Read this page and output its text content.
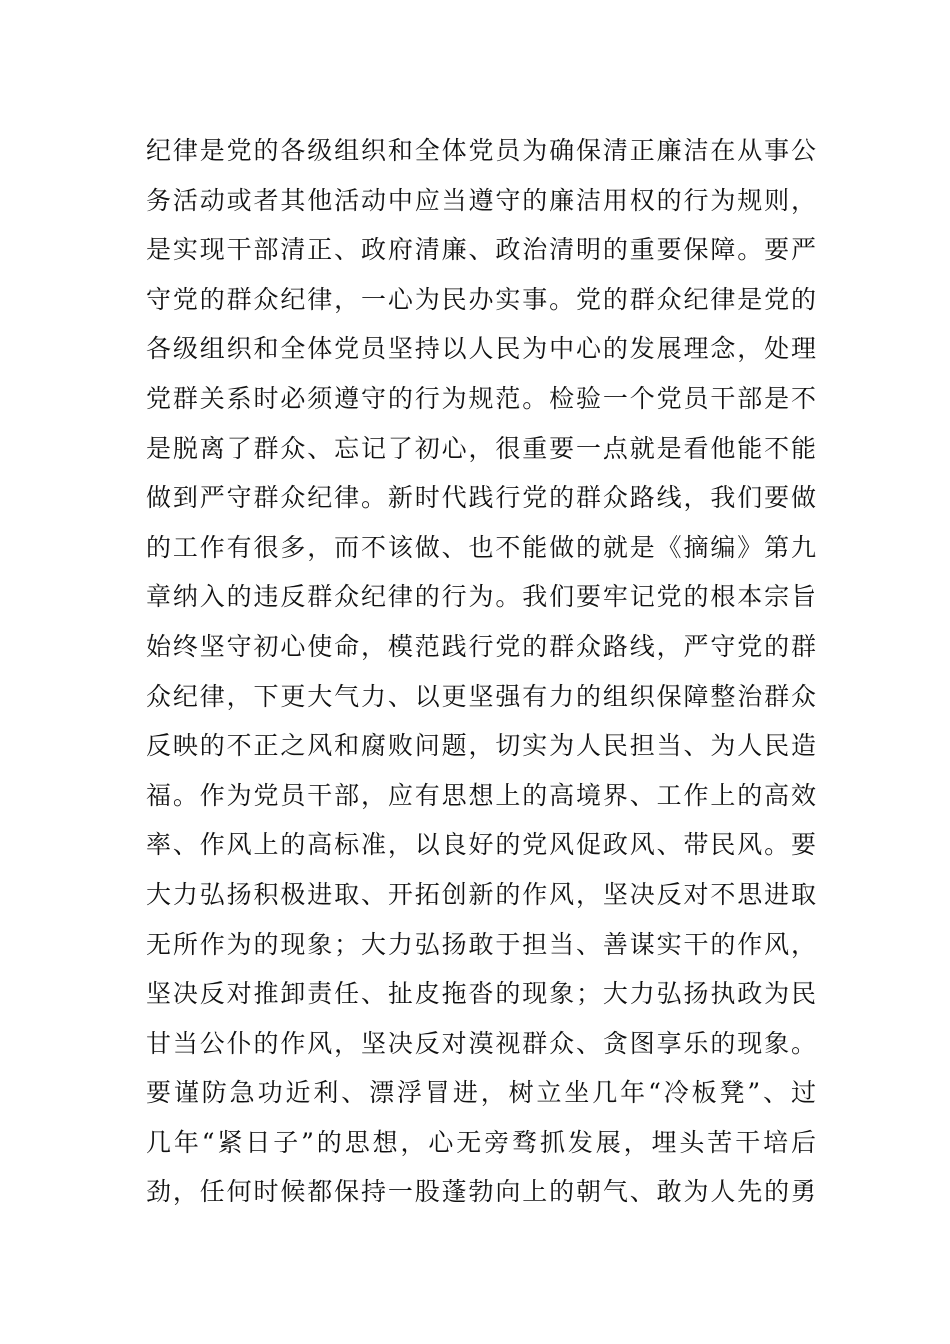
纪律是党的各级组织和全体党员为确保清正廉洁在从事公
务活动或者其他活动中应当遵守的廉洁用权的行为规则，
是实现干部清正、政府清廉、政治清明的重要保障。要严
守党的群众纪律，一心为民办实事。党的群众纪律是党的
各级组织和全体党员坚持以人民为中心的发展理念，处理
党群关系时必须遵守的行为规范。检验一个党员干部是不
是脱离了群众、忘记了初心，很重要一点就是看他能不能
做到严守群众纪律。新时代践行党的群众路线，我们要做
的工作有很多，而不该做、也不能做的就是《摘编》第九
章纳入的违反群众纪律的行为。我们要牢记党的根本宗旨
始终坚守初心使命，模范践行党的群众路线，严守党的群
众纪律，下更大气力、以更坚强有力的组织保障整治群众
反映的不正之风和腐败问题，切实为人民担当、为人民造
福。作为党员干部，应有思想上的高境界、工作上的高效
率、作风上的高标准，以良好的党风促政风、带民风。要
大力弘扬积极进取、开拓创新的作风，坚决反对不思进取
无所作为的现象；大力弘扬敢于担当、善谋实干的作风，
坚决反对推卸责任、扯皮拖沓的现象；大力弘扬执政为民
甘当公仆的作风，坚决反对漠视群众、贪图享乐的现象。
要谨防急功近利、漂浮冒进，树立坐几年“冷板凳”、过
几年“紧日子”的思想，心无旁骛抓发展，埋头苦干培后
劲，任何时候都保持一股蓬勃向上的朝气、敢为人先的勇
